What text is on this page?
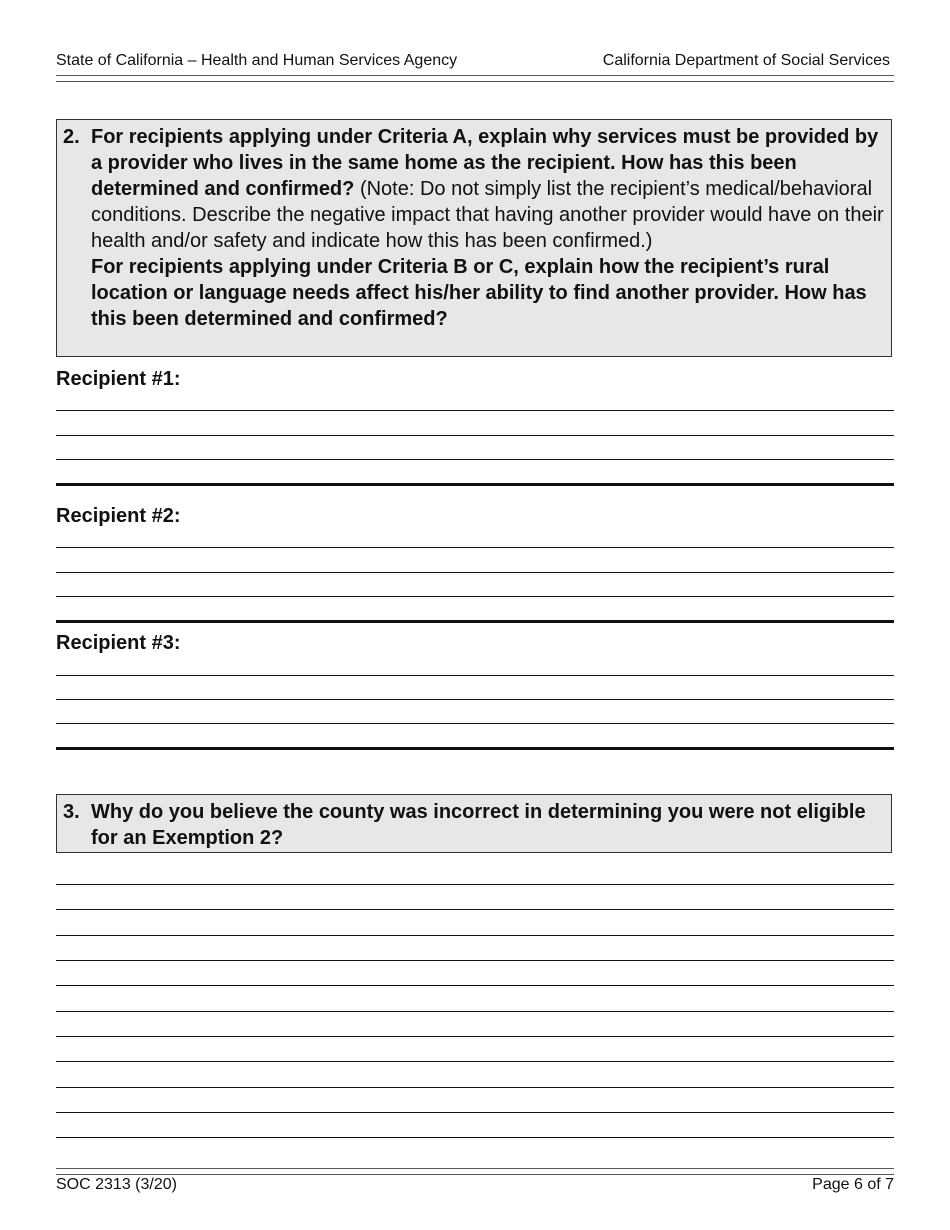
State of California – Health and Human Services Agency	California Department of Social Services
2. For recipients applying under Criteria A, explain why services must be provided by a provider who lives in the same home as the recipient. How has this been determined and confirmed? (Note: Do not simply list the recipient’s medical/behavioral conditions. Describe the negative impact that having another provider would have on their health and/or safety and indicate how this has been confirmed.)
For recipients applying under Criteria B or C, explain how the recipient’s rural location or language needs affect his/her ability to find another provider. How has this been determined and confirmed?
Recipient #1:
Recipient #2:
Recipient #3:
3. Why do you believe the county was incorrect in determining you were not eligible for an Exemption 2?
SOC 2313 (3/20)	Page 6 of 7
